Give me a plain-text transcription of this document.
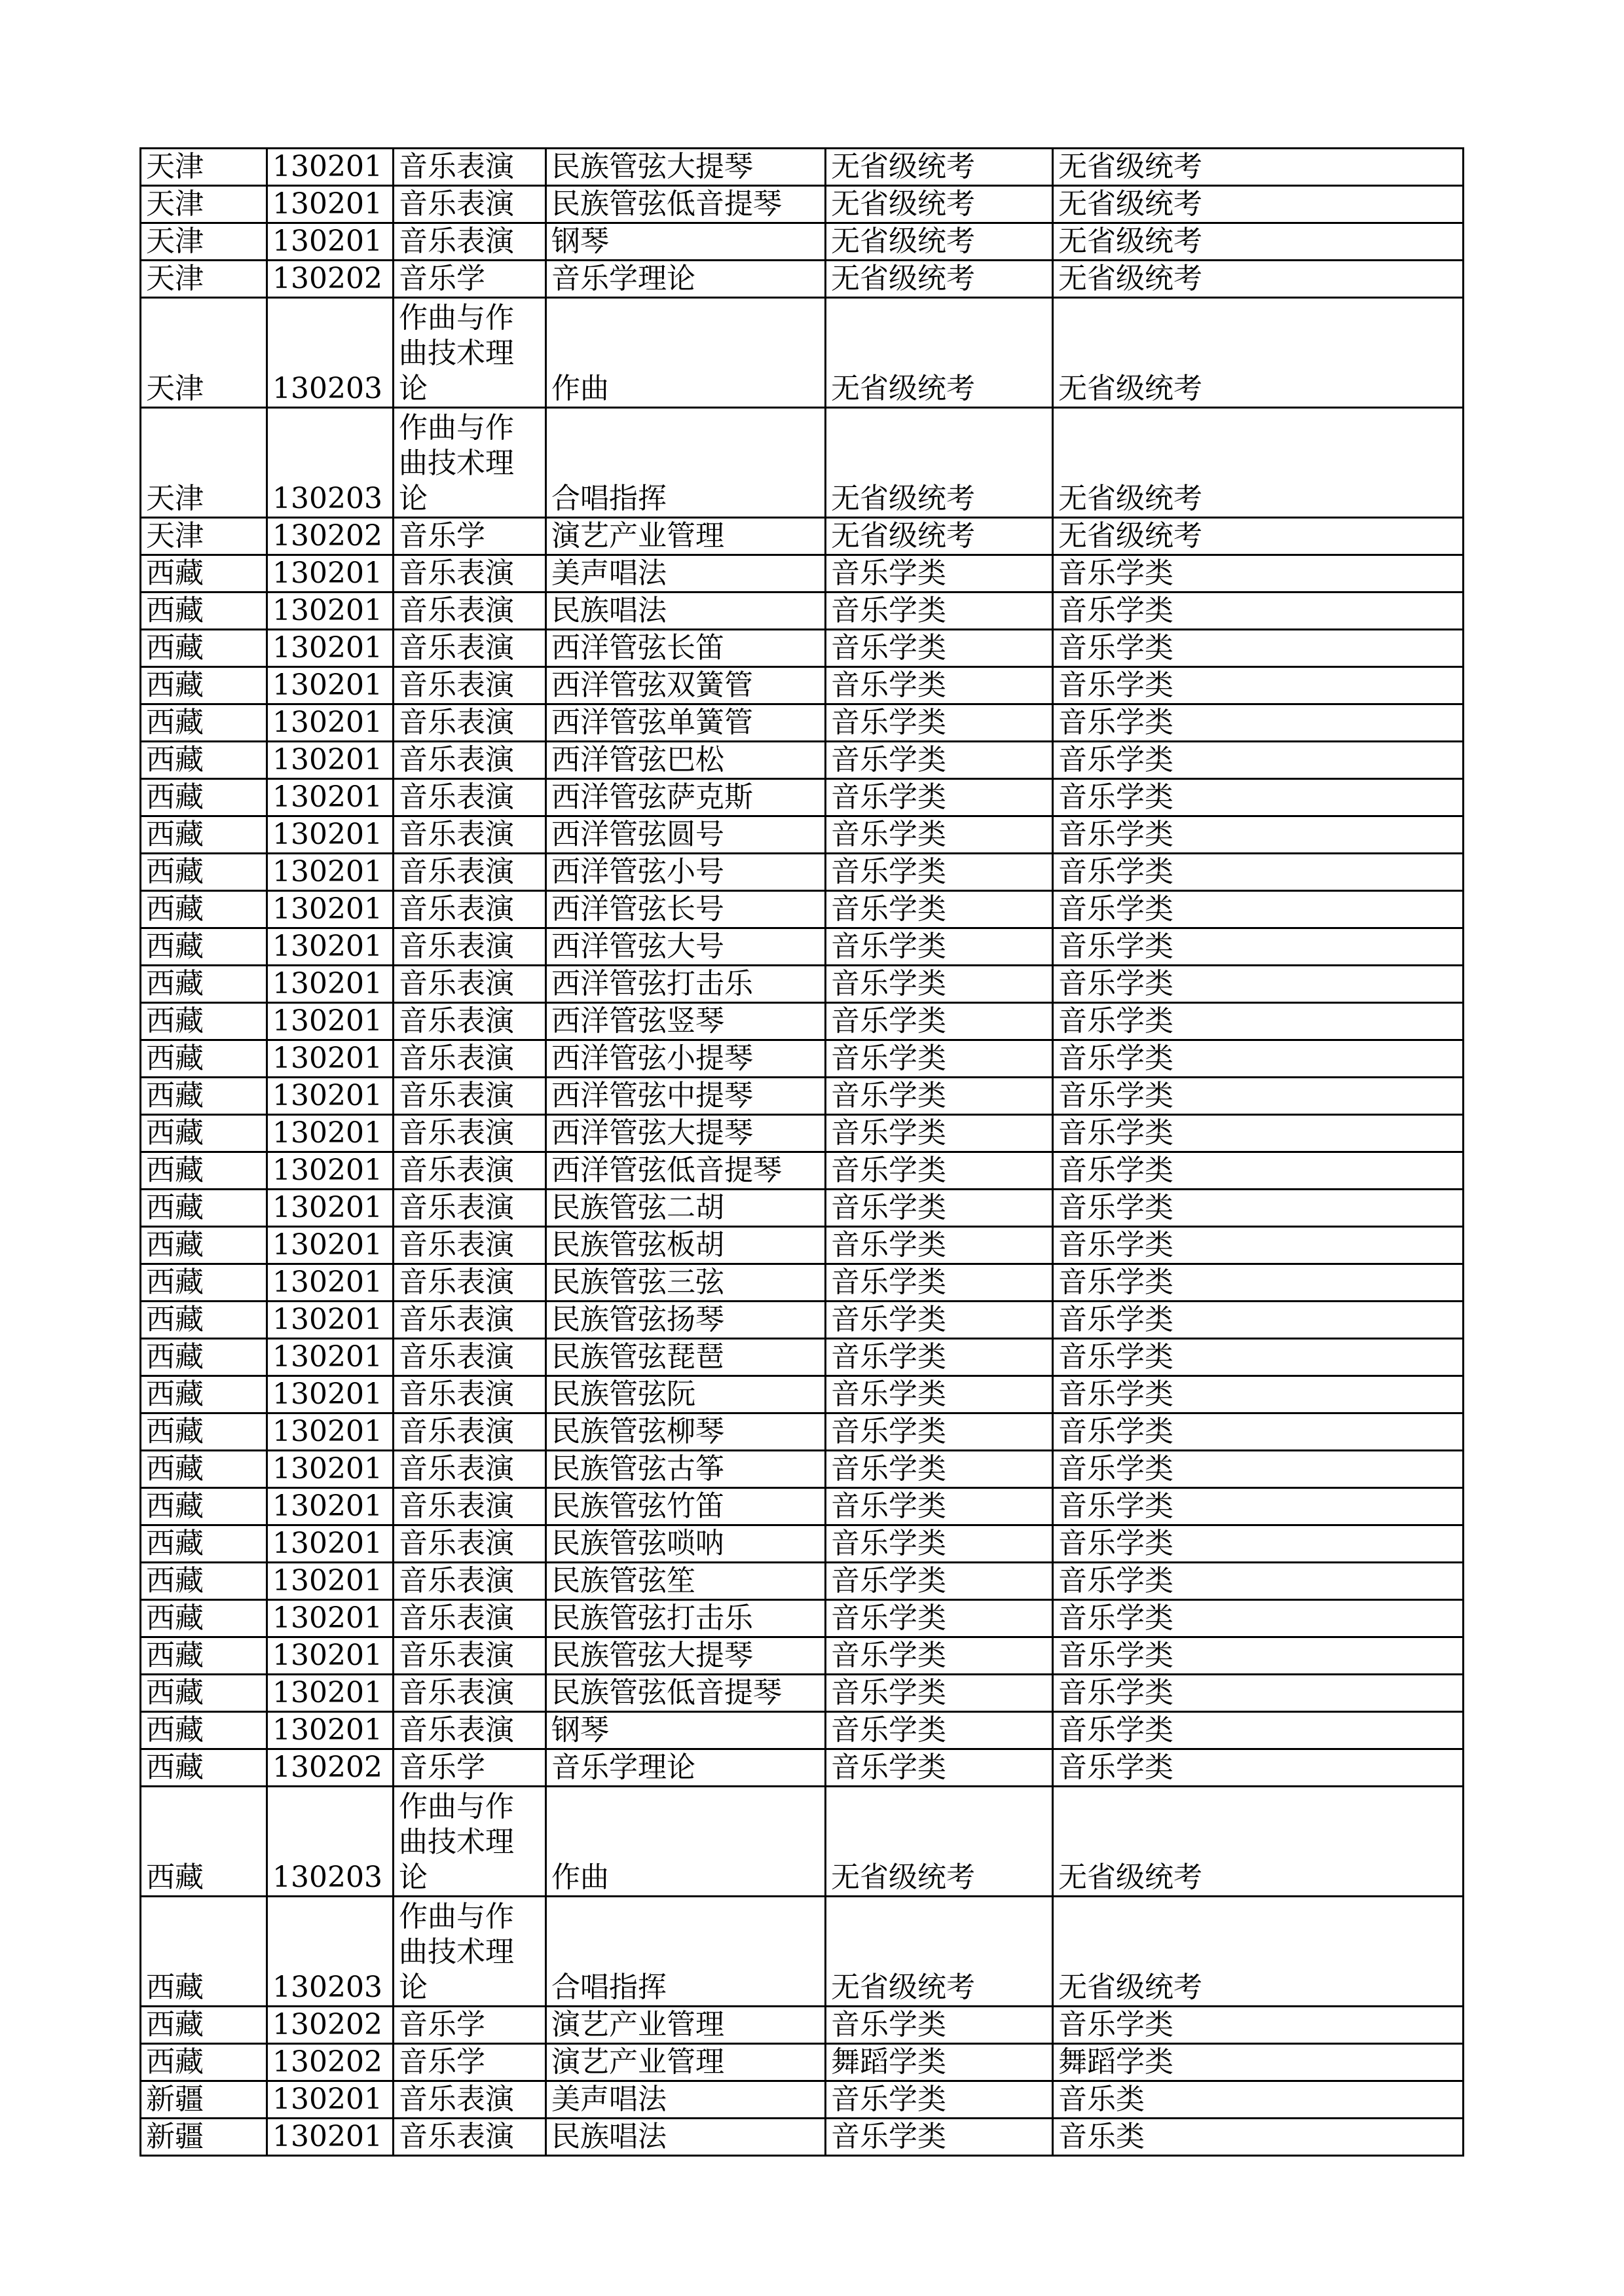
天津	130201	音乐表演	民族管弦大提琴	无省级统考	无省级统考
天津	130201	音乐表演	民族管弦低音提琴	无省级统考	无省级统考
天津	130201	音乐表演	钢琴	无省级统考	无省级统考
天津	130202	音乐学	音乐学理论	无省级统考	无省级统考
天津	130203	作曲与作
曲技术理
论	作曲	无省级统考	无省级统考
天津	130203	作曲与作
曲技术理
论	合唱指挥	无省级统考	无省级统考
天津	130202	音乐学	演艺产业管理	无省级统考	无省级统考
西藏	130201	音乐表演	美声唱法	音乐学类	音乐学类
西藏	130201	音乐表演	民族唱法	音乐学类	音乐学类
西藏	130201	音乐表演	西洋管弦长笛	音乐学类	音乐学类
西藏	130201	音乐表演	西洋管弦双簧管	音乐学类	音乐学类
西藏	130201	音乐表演	西洋管弦单簧管	音乐学类	音乐学类
西藏	130201	音乐表演	西洋管弦巴松	音乐学类	音乐学类
西藏	130201	音乐表演	西洋管弦萨克斯	音乐学类	音乐学类
西藏	130201	音乐表演	西洋管弦圆号	音乐学类	音乐学类
西藏	130201	音乐表演	西洋管弦小号	音乐学类	音乐学类
西藏	130201	音乐表演	西洋管弦长号	音乐学类	音乐学类
西藏	130201	音乐表演	西洋管弦大号	音乐学类	音乐学类
西藏	130201	音乐表演	西洋管弦打击乐	音乐学类	音乐学类
西藏	130201	音乐表演	西洋管弦竖琴	音乐学类	音乐学类
西藏	130201	音乐表演	西洋管弦小提琴	音乐学类	音乐学类
西藏	130201	音乐表演	西洋管弦中提琴	音乐学类	音乐学类
西藏	130201	音乐表演	西洋管弦大提琴	音乐学类	音乐学类
西藏	130201	音乐表演	西洋管弦低音提琴	音乐学类	音乐学类
西藏	130201	音乐表演	民族管弦二胡	音乐学类	音乐学类
西藏	130201	音乐表演	民族管弦板胡	音乐学类	音乐学类
西藏	130201	音乐表演	民族管弦三弦	音乐学类	音乐学类
西藏	130201	音乐表演	民族管弦扬琴	音乐学类	音乐学类
西藏	130201	音乐表演	民族管弦琵琶	音乐学类	音乐学类
西藏	130201	音乐表演	民族管弦阮	音乐学类	音乐学类
西藏	130201	音乐表演	民族管弦柳琴	音乐学类	音乐学类
西藏	130201	音乐表演	民族管弦古筝	音乐学类	音乐学类
西藏	130201	音乐表演	民族管弦竹笛	音乐学类	音乐学类
西藏	130201	音乐表演	民族管弦唢呐	音乐学类	音乐学类
西藏	130201	音乐表演	民族管弦笙	音乐学类	音乐学类
西藏	130201	音乐表演	民族管弦打击乐	音乐学类	音乐学类
西藏	130201	音乐表演	民族管弦大提琴	音乐学类	音乐学类
西藏	130201	音乐表演	民族管弦低音提琴	音乐学类	音乐学类
西藏	130201	音乐表演	钢琴	音乐学类	音乐学类
西藏	130202	音乐学	音乐学理论	音乐学类	音乐学类
西藏	130203	作曲与作
曲技术理
论	作曲	无省级统考	无省级统考
西藏	130203	作曲与作
曲技术理
论	合唱指挥	无省级统考	无省级统考
西藏	130202	音乐学	演艺产业管理	音乐学类	音乐学类
西藏	130202	音乐学	演艺产业管理	舞蹈学类	舞蹈学类
新疆	130201	音乐表演	美声唱法	音乐学类	音乐类
新疆	130201	音乐表演	民族唱法	音乐学类	音乐类
